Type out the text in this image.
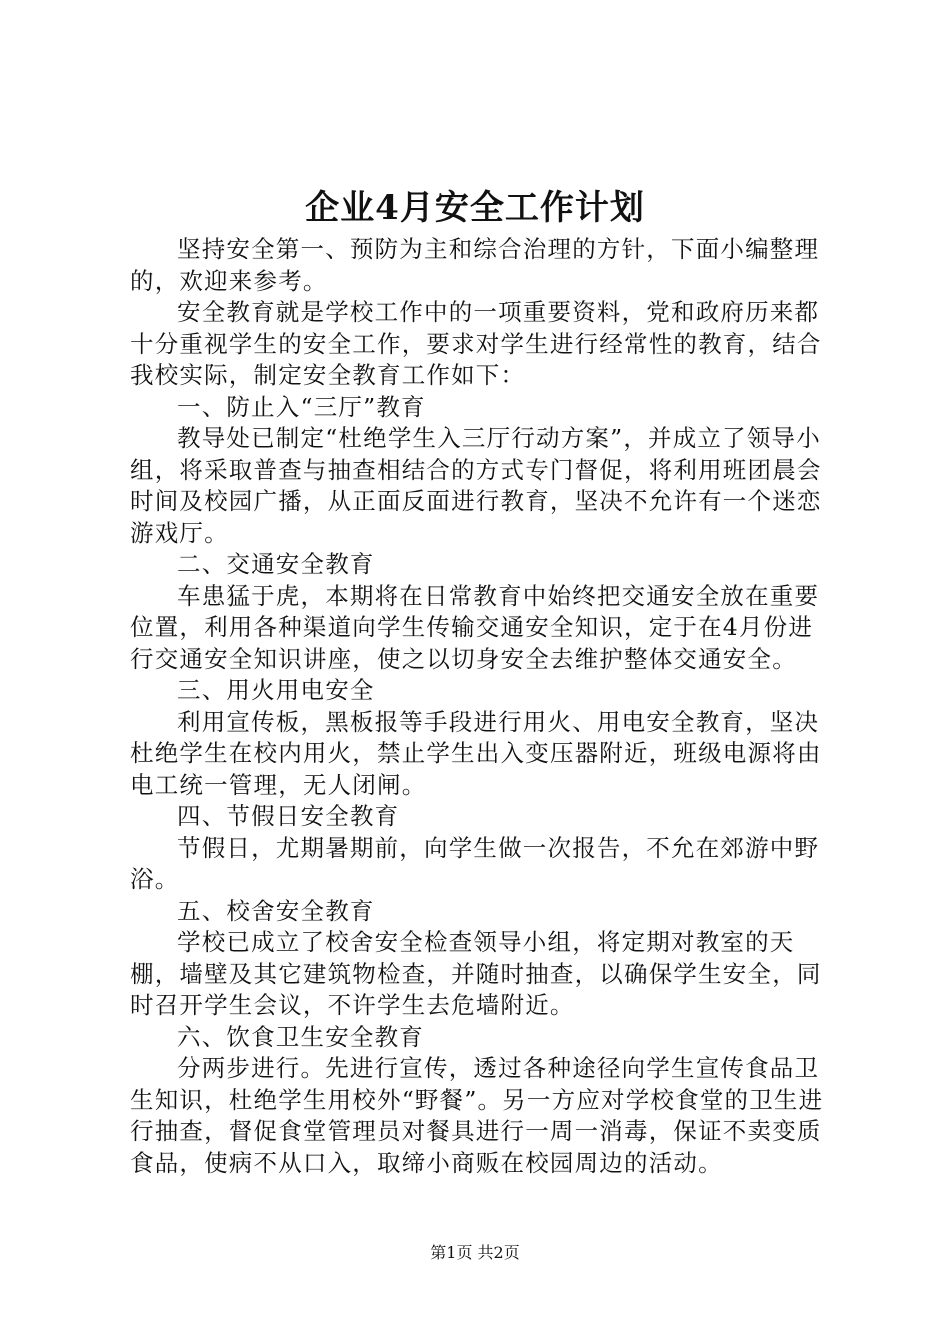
企业4月安全工作计划

坚持安全第一、预防为主和综合治理的方针，下面小编整理的，欢迎来参考。

安全教育就是学校工作中的一项重要资料，党和政府历来都十分重视学生的安全工作，要求对学生进行经常性的教育，结合我校实际，制定安全教育工作如下：

一、防止入“三厅”教育

教导处已制定“杜绝学生入三厅行动方案”，并成立了领导小组，将采取普查与抽查相结合的方式专门督促，将利用班团晨会时间及校园广播，从正面反面进行教育，坚决不允许有一个迷恋游戏厅。

二、交通安全教育

车患猛于虎，本期将在日常教育中始终把交通安全放在重要位置，利用各种渠道向学生传输交通安全知识，定于在4月份进行交通安全知识讲座，使之以切身安全去维护整体交通安全。

三、用火用电安全

利用宣传板，黑板报等手段进行用火、用电安全教育，坚决杜绝学生在校内用火，禁止学生出入变压器附近，班级电源将由电工统一管理，无人闭闸。

四、节假日安全教育

节假日，尤期暑期前，向学生做一次报告，不允在郊游中野浴。

五、校舍安全教育

学校已成立了校舍安全检查领导小组，将定期对教室的天棚，墙壁及其它建筑物检查，并随时抽查，以确保学生安全，同时召开学生会议，不许学生去危墙附近。

六、饮食卫生安全教育

分两步进行。先进行宣传，透过各种途径向学生宣传食品卫生知识，杜绝学生用校外“野餐”。另一方应对学校食堂的卫生进行抽查，督促食堂管理员对餐具进行一周一消毒，保证不卖变质食品，使病不从口入，取缔小商贩在校园周边的活动。

第1页 共2页
